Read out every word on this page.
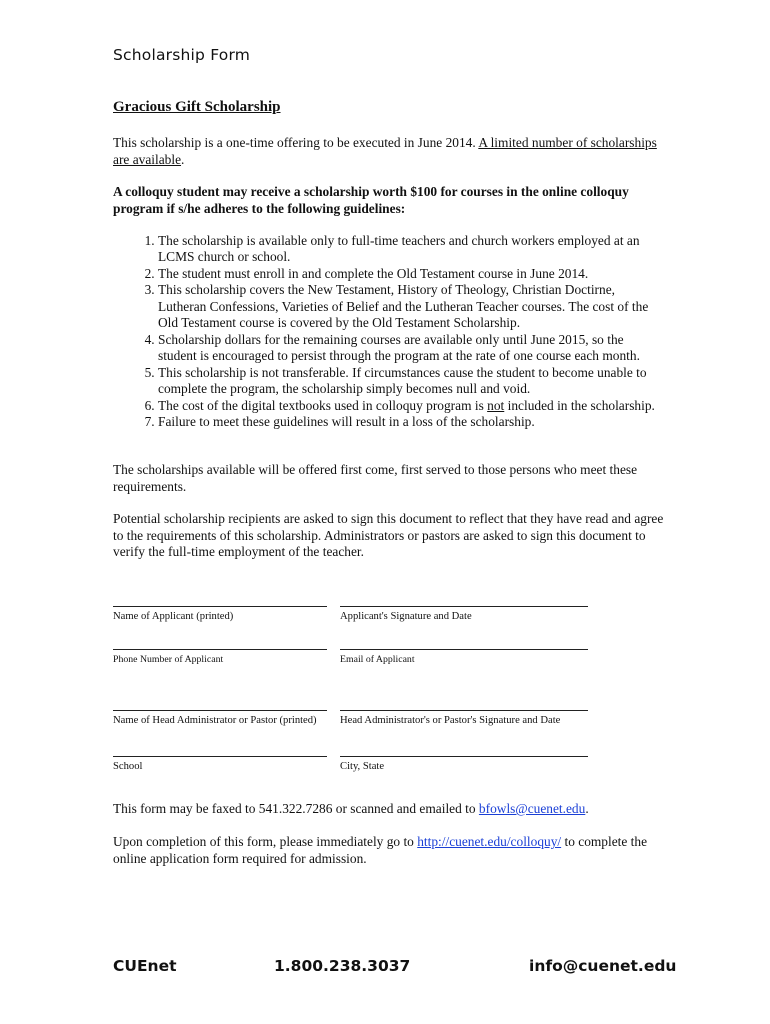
Scholarship Form
Gracious Gift Scholarship
This scholarship is a one-time offering to be executed in June 2014. A limited number of scholarships are available.
A colloquy student may receive a scholarship worth $100 for courses in the online colloquy program if s/he adheres to the following guidelines:
1. The scholarship is available only to full-time teachers and church workers employed at an LCMS church or school.
2. The student must enroll in and complete the Old Testament course in June 2014.
3. This scholarship covers the New Testament, History of Theology, Christian Doctirne, Lutheran Confessions, Varieties of Belief and the Lutheran Teacher courses. The cost of the Old Testament course is covered by the Old Testament Scholarship.
4. Scholarship dollars for the remaining courses are available only until June 2015, so the student is encouraged to persist through the program at the rate of one course each month.
5. This scholarship is not transferable. If circumstances cause the student to become unable to complete the program, the scholarship simply becomes null and void.
6. The cost of the digital textbooks used in colloquy program is not included in the scholarship.
7. Failure to meet these guidelines will result in a loss of the scholarship.
The scholarships available will be offered first come, first served to those persons who meet these requirements.
Potential scholarship recipients are asked to sign this document to reflect that they have read and agree to the requirements of this scholarship. Administrators or pastors are asked to sign this document to verify the full-time employment of the teacher.
Name of Applicant (printed)	Applicant's Signature and Date
Phone Number of Applicant	Email of Applicant
Name of Head Administrator or Pastor (printed) Head Administrator's or Pastor's Signature and Date
School	City, State
This form may be faxed to 541.322.7286 or scanned and emailed to bfowls@cuenet.edu.
Upon completion of this form, please immediately go to http://cuenet.edu/colloquy/ to complete the online application form required for admission.
CUEnet	1.800.238.3037	info@cuenet.edu
